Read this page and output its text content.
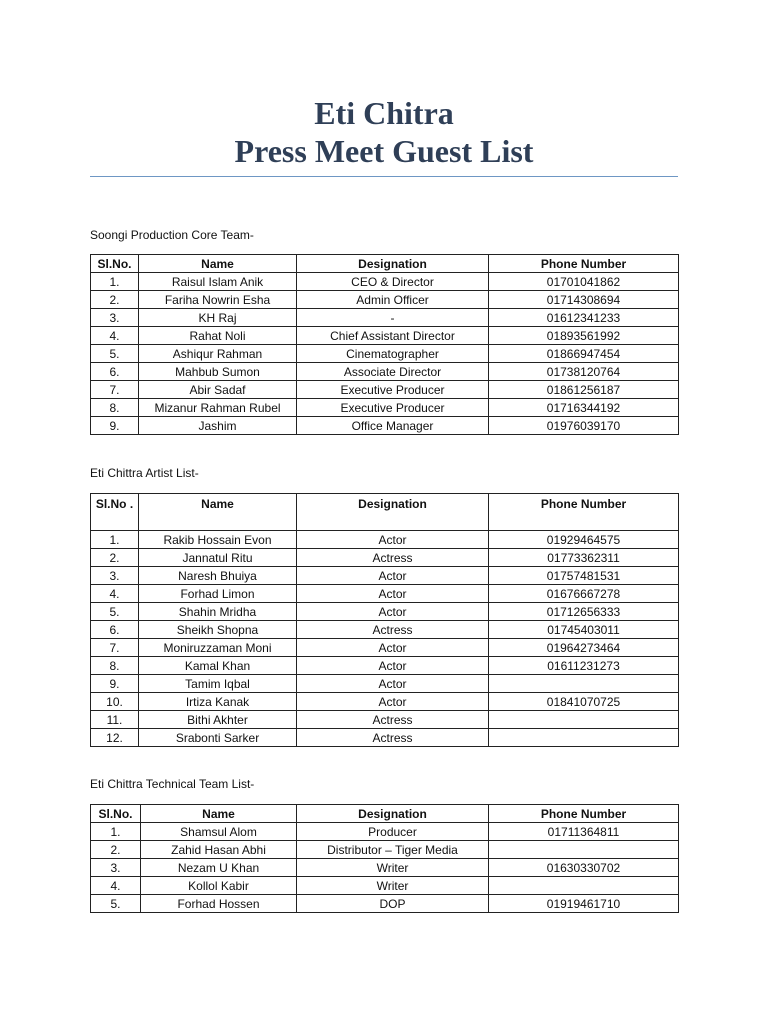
Eti Chitra
Press Meet Guest List

Soongi Production Core Team-

Sl.No.	Name	Designation	Phone Number
1.	Raisul Islam Anik	CEO & Director	01701041862
2.	Fariha Nowrin Esha	Admin Officer	01714308694
3.	KH Raj	-	01612341233
4.	Rahat Noli	Chief Assistant Director	01893561992
5.	Ashiqur Rahman	Cinematographer	01866947454
6.	Mahbub Sumon	Associate Director	01738120764
7.	Abir Sadaf	Executive Producer	01861256187
8.	Mizanur Rahman Rubel	Executive Producer	01716344192
9.	Jashim	Office Manager	01976039170

Eti Chittra Artist List-

Sl.No .	Name	Designation	Phone Number
1.	Rakib Hossain Evon	Actor	01929464575
2.	Jannatul Ritu	Actress	01773362311
3.	Naresh Bhuiya	Actor	01757481531
4.	Forhad Limon	Actor	01676667278
5.	Shahin Mridha	Actor	01712656333
6.	Sheikh Shopna	Actress	01745403011
7.	Moniruzzaman Moni	Actor	01964273464
8.	Kamal Khan	Actor	01611231273
9.	Tamim Iqbal	Actor	
10.	Irtiza Kanak	Actor	01841070725
11.	Bithi Akhter	Actress	
12.	Srabonti Sarker	Actress	

Eti Chittra Technical Team List-

Sl.No.	Name	Designation	Phone Number
1.	Shamsul Alom	Producer	01711364811
2.	Zahid Hasan Abhi	Distributor – Tiger Media	
3.	Nezam U Khan	Writer	01630330702
4.	Kollol Kabir	Writer	
5.	Forhad Hossen	DOP	01919461710
